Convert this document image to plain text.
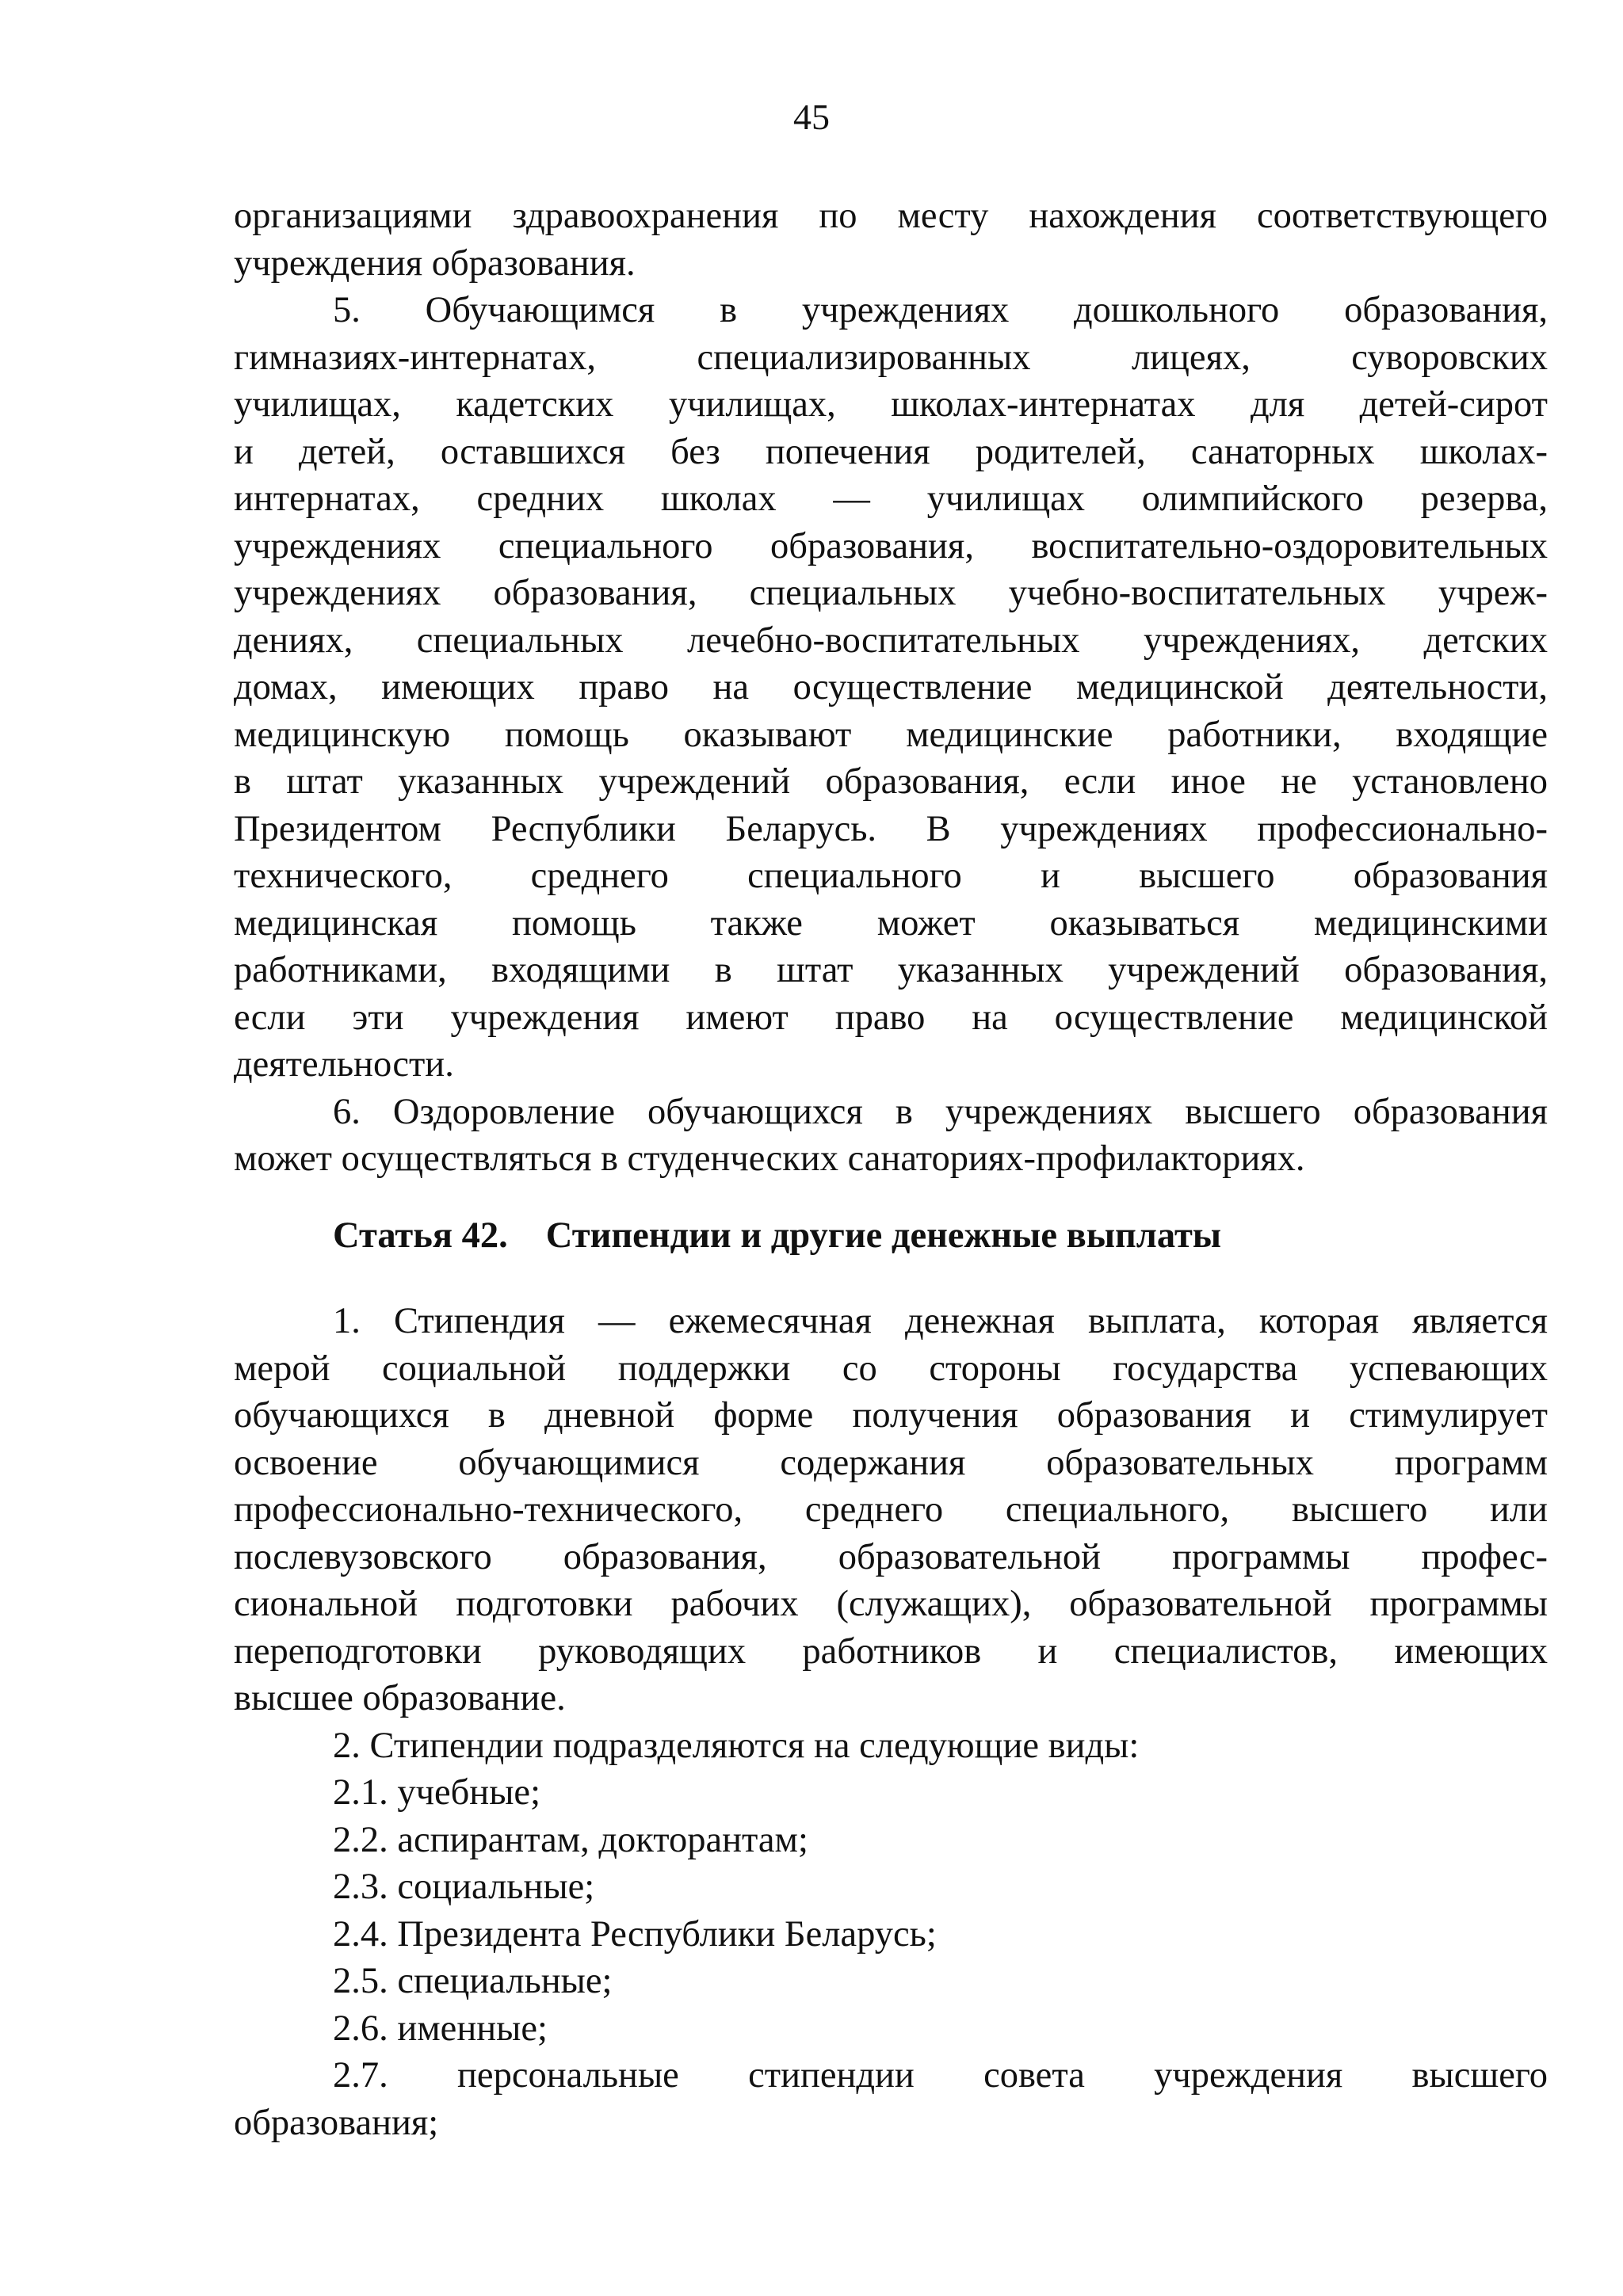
45
организациями здравоохранения по месту нахождения соответствующего
учреждения образования.
5. Обучающимся в учреждениях дошкольного образования,
гимназиях-интернатах, специализированных лицеях, суворовских
училищах, кадетских училищах, школах-интернатах для детей-сирот
и детей, оставшихся без попечения родителей, санаторных школах-
интернатах, средних школах — училищах олимпийского резерва,
учреждениях специального образования, воспитательно-оздоровительных
учреждениях образования, специальных учебно-воспитательных учреж-
дениях, специальных лечебно-воспитательных учреждениях, детских
домах, имеющих право на осуществление медицинской деятельности,
медицинскую помощь оказывают медицинские работники, входящие
в штат указанных учреждений образования, если иное не установлено
Президентом Республики Беларусь. В учреждениях профессионально-
технического, среднего специального и высшего образования
медицинская помощь также может оказываться медицинскими
работниками, входящими в штат указанных учреждений образования,
если эти учреждения имеют право на осуществление медицинской
деятельности.
6. Оздоровление обучающихся в учреждениях высшего образования
может осуществляться в студенческих санаториях-профилакториях.
Статья 42. Стипендии и другие денежные выплаты
1. Стипендия — ежемесячная денежная выплата, которая является
мерой социальной поддержки со стороны государства успевающих
обучающихся в дневной форме получения образования и стимулирует
освоение обучающимися содержания образовательных программ
профессионально-технического, среднего специального, высшего или
послевузовского образования, образовательной программы профес-
сиональной подготовки рабочих (служащих), образовательной программы
переподготовки руководящих работников и специалистов, имеющих
высшее образование.
2. Стипендии подразделяются на следующие виды:
2.1. учебные;
2.2. аспирантам, докторантам;
2.3. социальные;
2.4. Президента Республики Беларусь;
2.5. специальные;
2.6. именные;
2.7. персональные стипендии совета учреждения высшего
образования;
